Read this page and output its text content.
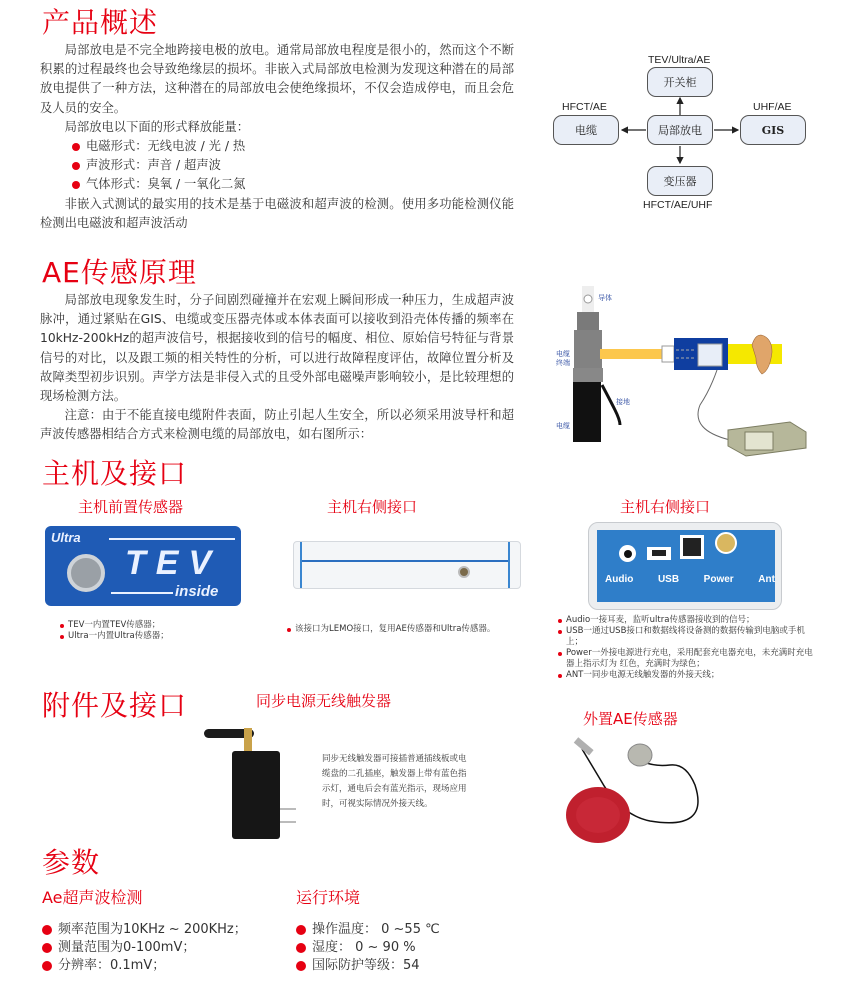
产品概述

局部放电是不完全地跨接电极的放电。通常局部放电程度是很小的，然而这个不断积累的过程最终也会导致绝缘层的损坏。非嵌入式局部放电检测为发现这种潜在的局部放电提供了一种方法，这种潜在的局部放电会使绝缘损坏，不仅会造成停电，而且会危及人员的安全。

局部放电以下面的形式释放能量：

电磁形式：无线电波 / 光 / 热
声波形式：声音 / 超声波
气体形式：臭氧 / 一氧化二氮

非嵌入式测试的最实用的技术是基于电磁波和超声波的检测。使用多功能检测仪能检测出电磁波和超声波活动

TEV/Ultra/AE
开关柜
HFCT/AE
电缆	局部放电
UHF/AE
GIS
变压器
HFCT/AE/UHF
AE传感原理

局部放电现象发生时，分子间剧烈碰撞并在宏观上瞬间形成一种压力，生成超声波脉冲，通过紧贴在GIS、电缆或变压器壳体或本体表面可以接收到沿壳体传播的频率在10kHz-200kHz的超声波信号，根据接收到的信号的幅度、相位、原始信号特征与背景信号的对比，以及跟工频的相关特性的分析，可以进行故障程度评估，故障位置分析及故障类型初步识别。声学方法是非侵入式的且受外部电磁噪声影响较小，是比较理想的现场检测方法。

注意：由于不能直接电缆附件表面，防止引起人生安全，所以必须采用波导杆和超声波传感器相结合方式来检测电缆的局部放电，如右图所示：

导体
电缆终端
接地
电缆
主机及接口
主机前置传感器
Ultra
TEV
inside
TEV一内置TEV传感器；
Ultra一内置Ultra传感器；
主机右侧接口
该接口为LEMO接口，复用AE传感器和Ultra传感器。
主机右侧接口
Audio USB Power Ant
Audio一接耳麦，监听ultra传感器接收到的信号；
USB一通过USB接口和数据线将设备测的数据传输到电脑或手机上；
Power一外接电源进行充电，采用配套充电器充电，未充满时充电器上指示灯为 红色，充满时为绿色；
ANT一同步电源无线触发器的外接天线；
附件及接口	同步电源无线触发器
同步无线触发器可接插普通插线板或电缆盘的二孔插座，触发器上带有蓝色指示灯，通电后会有蓝光指示，现场应用时，可视实际情况外接天线。
外置AE传感器
参数
Ae超声波检测
频率范围为10KHz ~ 200KHz；
测量范围为0-100mV；
分辨率：0.1mV；
运行环境
操作温度： 0 ~55 ℃
湿度： 0 ~ 90 %
国际防护等级：54
